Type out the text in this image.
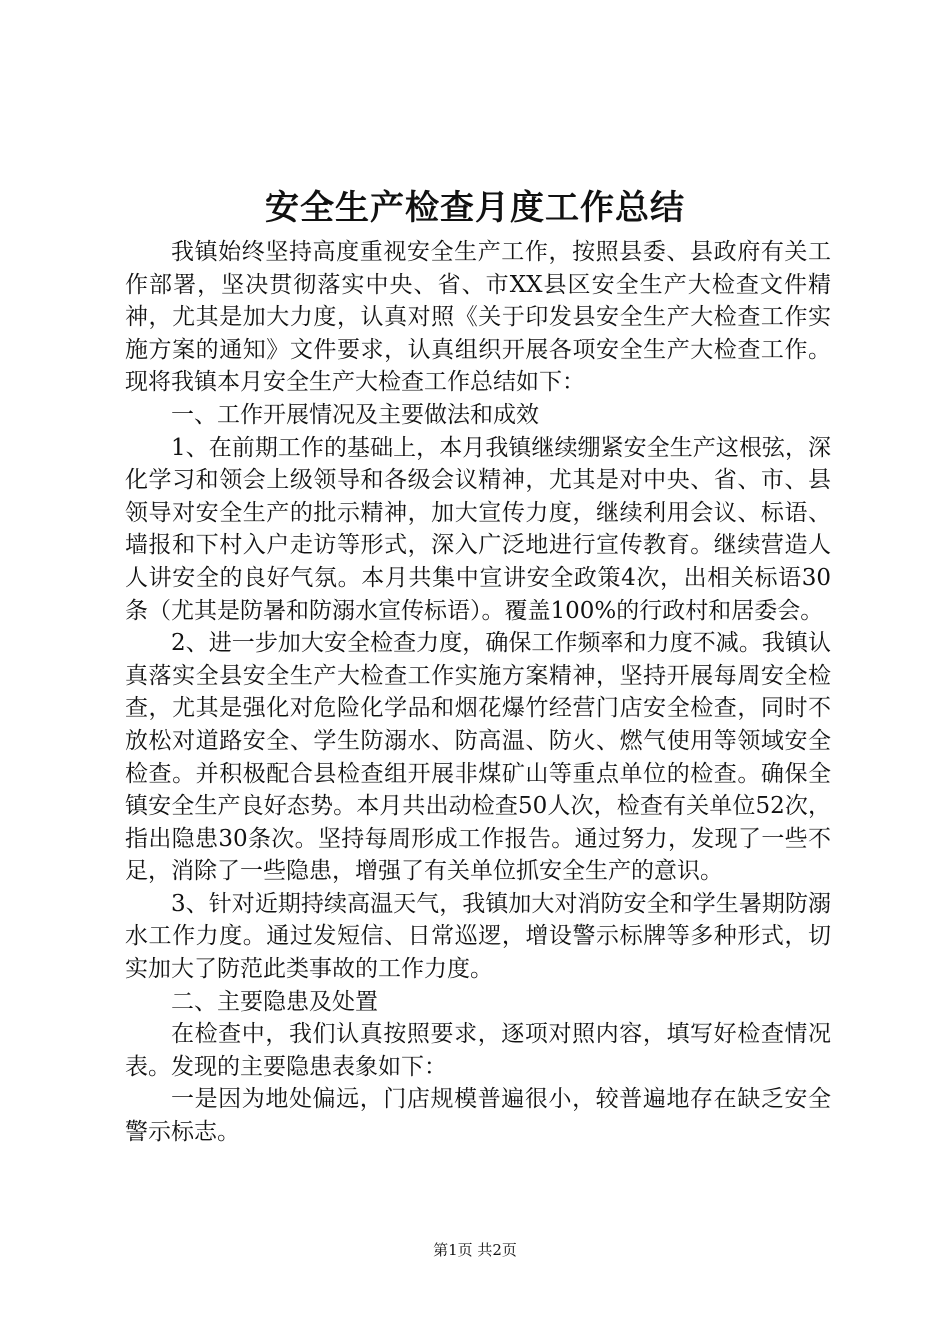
安全生产检查月度工作总结

我镇始终坚持高度重视安全生产工作，按照县委、县政府有关工作部署，坚决贯彻落实中央、省、市XX县区安全生产大检查文件精神，尤其是加大力度，认真对照《关于印发县安全生产大检查工作实施方案的通知》文件要求，认真组织开展各项安全生产大检查工作。现将我镇本月安全生产大检查工作总结如下：

一、工作开展情况及主要做法和成效

1、在前期工作的基础上，本月我镇继续绷紧安全生产这根弦，深化学习和领会上级领导和各级会议精神，尤其是对中央、省、市、县领导对安全生产的批示精神，加大宣传力度，继续利用会议、标语、墙报和下村入户走访等形式，深入广泛地进行宣传教育。继续营造人人讲安全的良好气氛。本月共集中宣讲安全政策4次，出相关标语30条（尤其是防暑和防溺水宣传标语）。覆盖100%的行政村和居委会。

2、进一步加大安全检查力度，确保工作频率和力度不减。我镇认真落实全县安全生产大检查工作实施方案精神，坚持开展每周安全检查，尤其是强化对危险化学品和烟花爆竹经营门店安全检查，同时不放松对道路安全、学生防溺水、防高温、防火、燃气使用等领域安全检查。并积极配合县检查组开展非煤矿山等重点单位的检查。确保全镇安全生产良好态势。本月共出动检查50人次，检查有关单位52次，指出隐患30条次。坚持每周形成工作报告。通过努力，发现了一些不足，消除了一些隐患，增强了有关单位抓安全生产的意识。

3、针对近期持续高温天气，我镇加大对消防安全和学生暑期防溺水工作力度。通过发短信、日常巡逻，增设警示标牌等多种形式，切实加大了防范此类事故的工作力度。

二、主要隐患及处置

在检查中，我们认真按照要求，逐项对照内容，填写好检查情况表。发现的主要隐患表象如下：

一是因为地处偏远，门店规模普遍很小，较普遍地存在缺乏安全警示标志。

第1页 共2页
